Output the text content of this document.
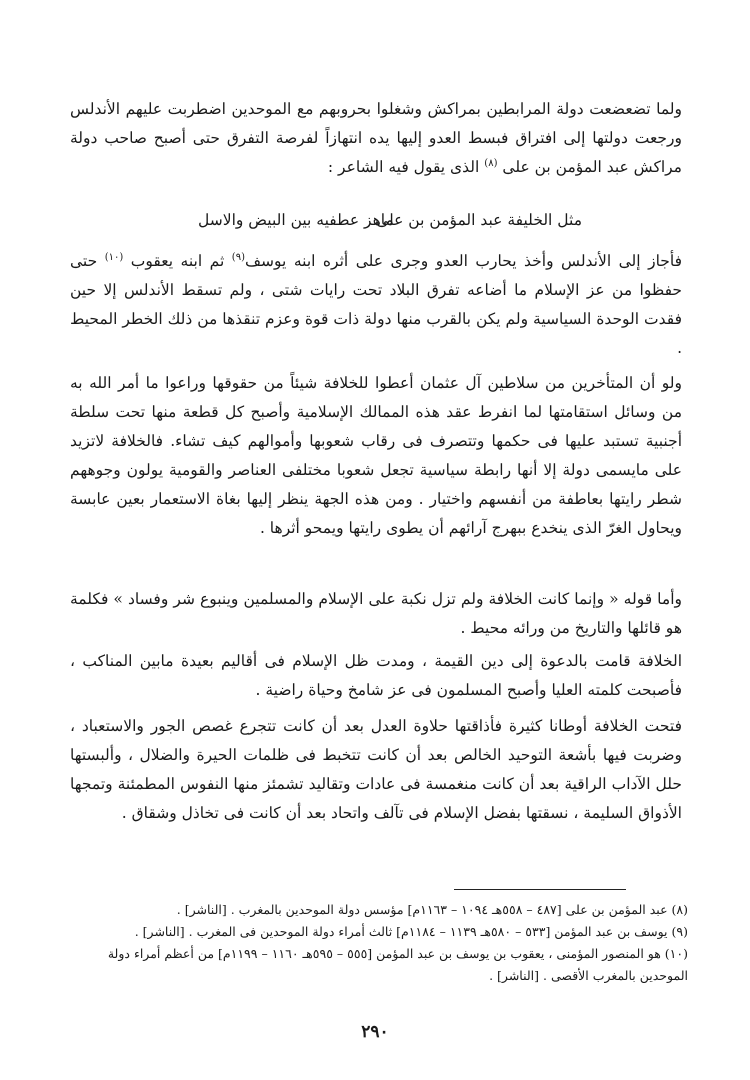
ولما تضعضعت دولة المرابطين بمراكش وشغلوا بحروبهم مع الموحدين اضطربت عليهم الأندلس ورجعت دولتها إلى افتراق فبسط العدو إليها يده انتهازاً لفرصة التفرق حتى أصبح صاحب دولة مراكش عبد المؤمن بن على $^{(٨)}$ الذى يقول فيه الشاعر :

مثل الخليفة عبد المؤمن بن على
ماهز عطفيه بين البيض والاسل

فأجاز إلى الأندلس وأخذ يحارب العدو وجرى على أثره ابنه يوسف$^{(٩)}$ ثم ابنه يعقوب $^{(١٠)}$ حتى حفظوا من عز الإسلام ما أضاعه تفرق البلاد تحت رايات شتى ، ولم تسقط الأندلس إلا حين فقدت الوحدة السياسية ولم يكن بالقرب منها دولة ذات قوة وعزم تنقذها من ذلك الخطر المحيط .

ولو أن المتأخرين من سلاطين آل عثمان أعطوا للخلافة شيئاً من حقوقها وراعوا ما أمر الله به من وسائل استقامتها لما انفرط عقد هذه الممالك الإسلامية وأصبح كل قطعة منها تحت سلطة أجنبية تستبد عليها فى حكمها وتتصرف فى رقاب شعوبها وأموالهم كيف تشاء. فالخلافة لاتزيد على مايسمى دولة إلا أنها رابطة سياسية تجعل شعوبا مختلفى العناصر والقومية يولون وجوههم شطر رايتها بعاطفة من أنفسهم واختيار . ومن هذه الجهة ينظر إليها بغاة الاستعمار بعين عابسة ويحاول الغرّ الذى ينخدع ببهرج آرائهم أن يطوى رايتها ويمحو أثرها .

وأما قوله « وإنما كانت الخلافة ولم تزل نكبة على الإسلام والمسلمين وينبوع شر وفساد » فكلمة هو قائلها والتاريخ من ورائه محيط .

الخلافة قامت بالدعوة إلى دين القيمة ، ومدت ظل الإسلام فى أقاليم بعيدة مابين المناكب ، فأصبحت كلمته العليا وأصبح المسلمون فى عز شامخ وحياة راضية .

فتحت الخلافة أوطانا كثيرة فأذاقتها حلاوة العدل بعد أن كانت تتجرع غصص الجور والاستعباد ، وضربت فيها بأشعة التوحيد الخالص بعد أن كانت تتخبط فى ظلمات الحيرة والضلال ، وألبستها حلل الآداب الراقية بعد أن كانت منغمسة فى عادات وتقاليد تشمئز منها النفوس المطمئنة وتمجها الأذواق السليمة ، نسقتها بفضل الإسلام فى تآلف واتحاد بعد أن كانت فى تخاذل وشقاق .

(٨) عبد المؤمن بن على [٤٨٧ – ٥٥٨هـ ١٠٩٤ – ١١٦٣م] مؤسس دولة الموحدين بالمغرب . [الناشر] .
(٩) يوسف بن عبد المؤمن [٥٣٣ – ٥٨٠هـ ١١٣٩ – ١١٨٤م] ثالث أمراء دولة الموحدين فى المغرب . [الناشر] .
(١٠) هو المنصور المؤمنى ، يعقوب بن يوسف بن عبد المؤمن [٥٥٥ – ٥٩٥هـ ١١٦٠ – ١١٩٩م] من أعظم أمراء دولة الموحدين بالمغرب الأقصى . [الناشر] .
٢٩٠
